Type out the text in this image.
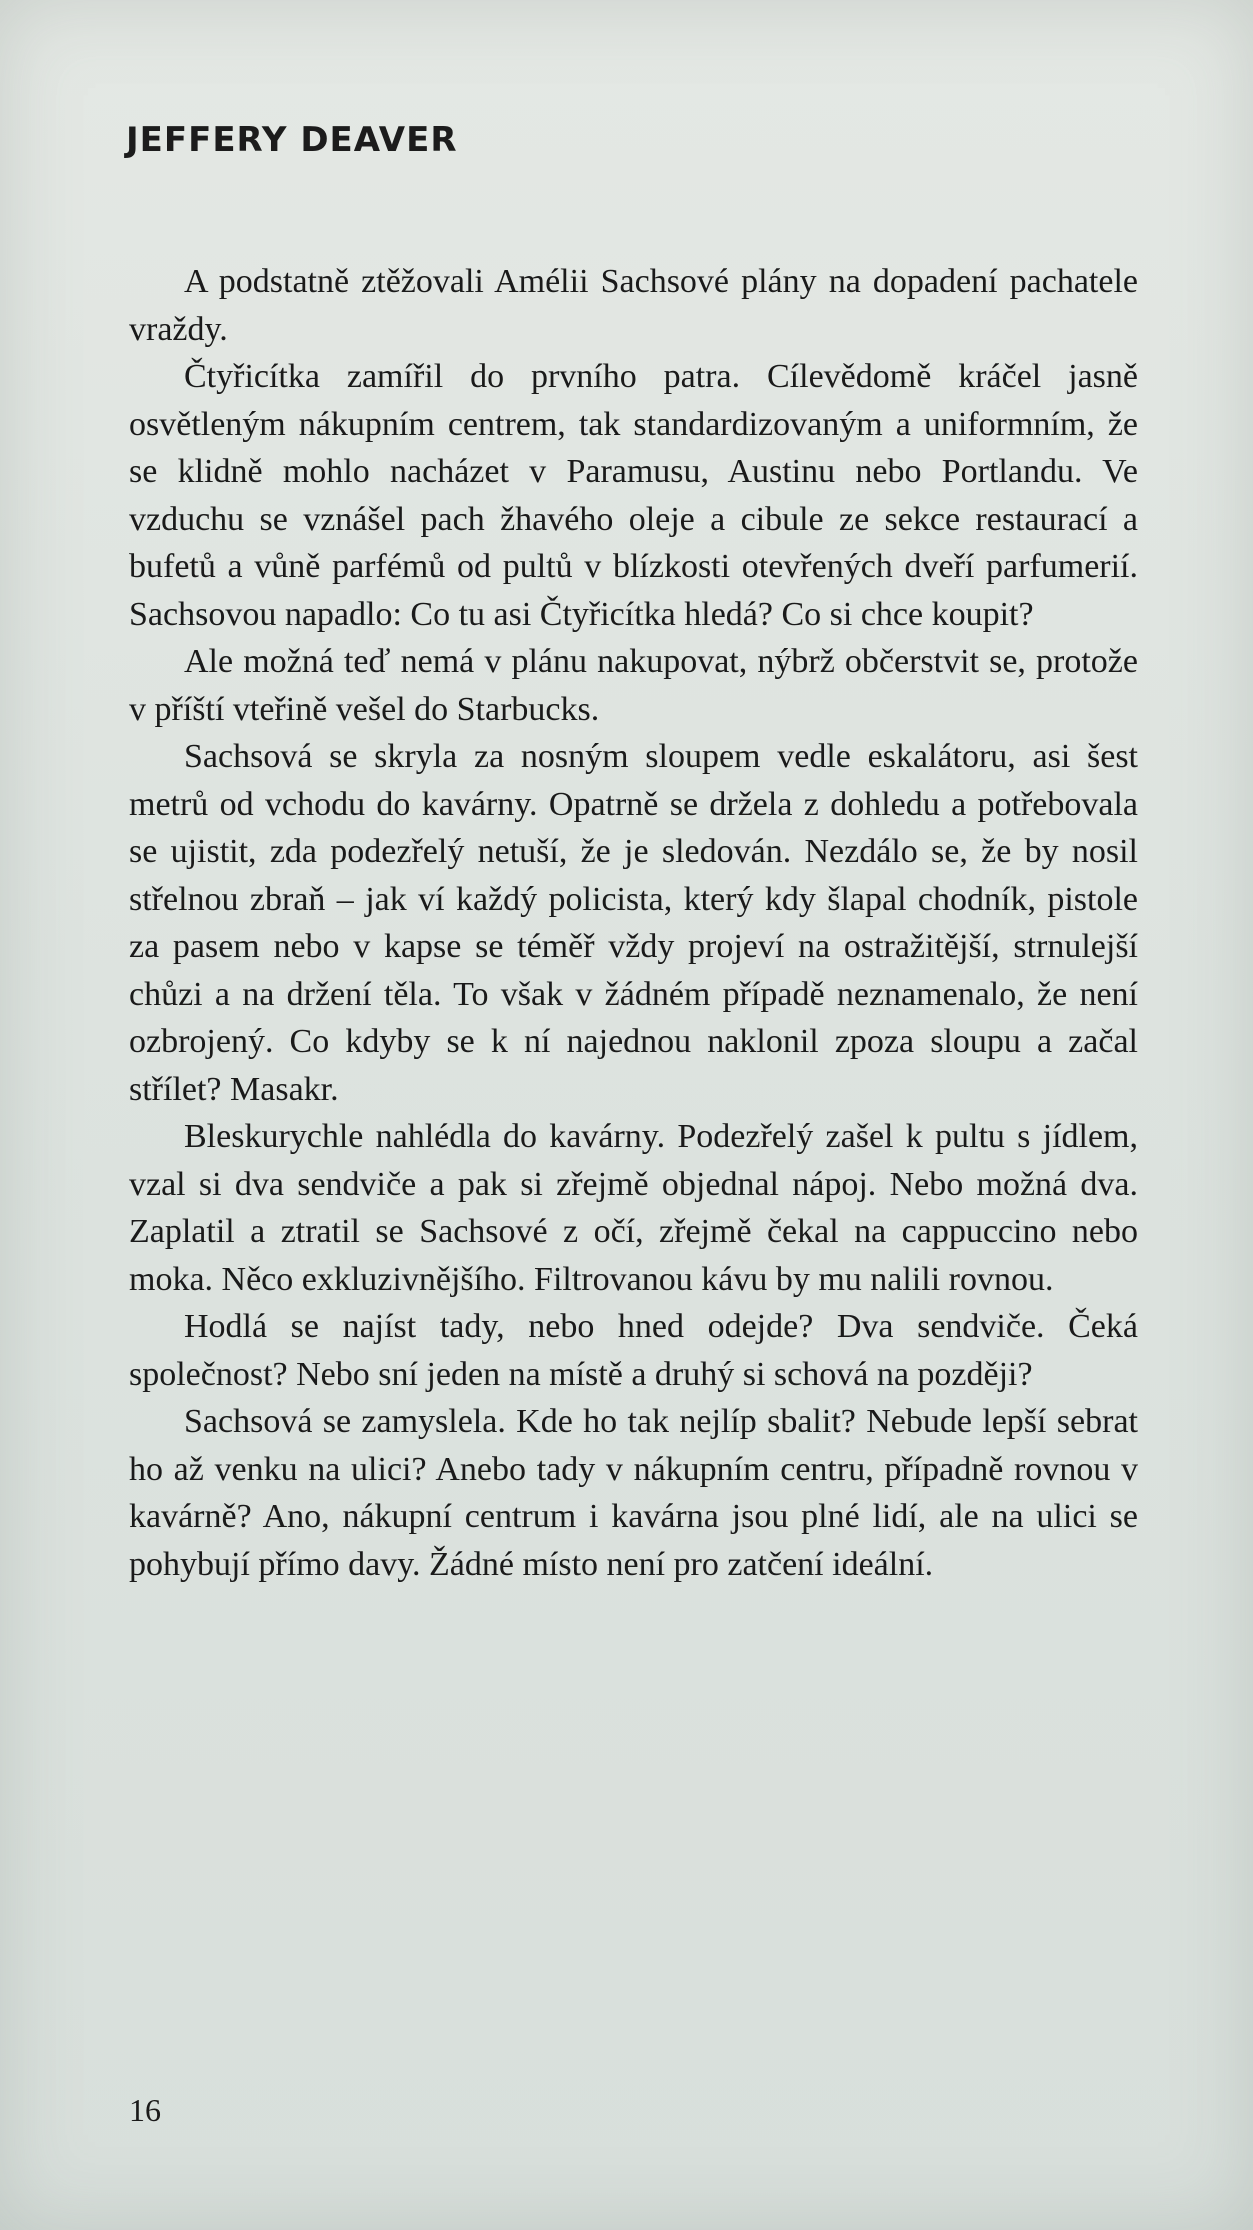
JEFFERY DEAVER

A podstatně ztěžovali Amélii Sachsové plány na dopadení pachatele vraždy.

Čtyřicítka zamířil do prvního patra. Cílevědomě kráčel jasně osvětleným nákupním centrem, tak standardizovaným a uniformním, že se klidně mohlo nacházet v Paramusu, Austinu nebo Portlandu. Ve vzduchu se vznášel pach žhavého oleje a cibule ze sekce restaurací a bufetů a vůně parfémů od pultů v blízkosti otevřených dveří parfumerií. Sachsovou napadlo: Co tu asi Čtyřicítka hledá? Co si chce koupit?

Ale možná teď nemá v plánu nakupovat, nýbrž občerstvit se, protože v příští vteřině vešel do Starbucks.

Sachsová se skryla za nosným sloupem vedle eskalátoru, asi šest metrů od vchodu do kavárny. Opatrně se držela z dohledu a potřebovala se ujistit, zda podezřelý netuší, že je sledován. Nezdálo se, že by nosil střelnou zbraň – jak ví každý policista, který kdy šlapal chodník, pistole za pasem nebo v kapse se téměř vždy projeví na ostražitější, strnulejší chůzi a na držení těla. To však v žádném případě neznamenalo, že není ozbrojený. Co kdyby se k ní najednou naklonil zpoza sloupu a začal střílet? Masakr.

Bleskurychle nahlédla do kavárny. Podezřelý zašel k pultu s jídlem, vzal si dva sendviče a pak si zřejmě objednal nápoj. Nebo možná dva. Zaplatil a ztratil se Sachsové z očí, zřejmě čekal na cappuccino nebo moka. Něco exkluzivnějšího. Filtrovanou kávu by mu nalili rovnou.

Hodlá se najíst tady, nebo hned odejde? Dva sendviče. Čeká společnost? Nebo sní jeden na místě a druhý si schová na později?

Sachsová se zamyslela. Kde ho tak nejlíp sbalit? Nebude lepší sebrat ho až venku na ulici? Anebo tady v nákupním centru, případně rovnou v kavárně? Ano, nákupní centrum i kavárna jsou plné lidí, ale na ulici se pohybují přímo davy. Žádné místo není pro zatčení ideální.

16
